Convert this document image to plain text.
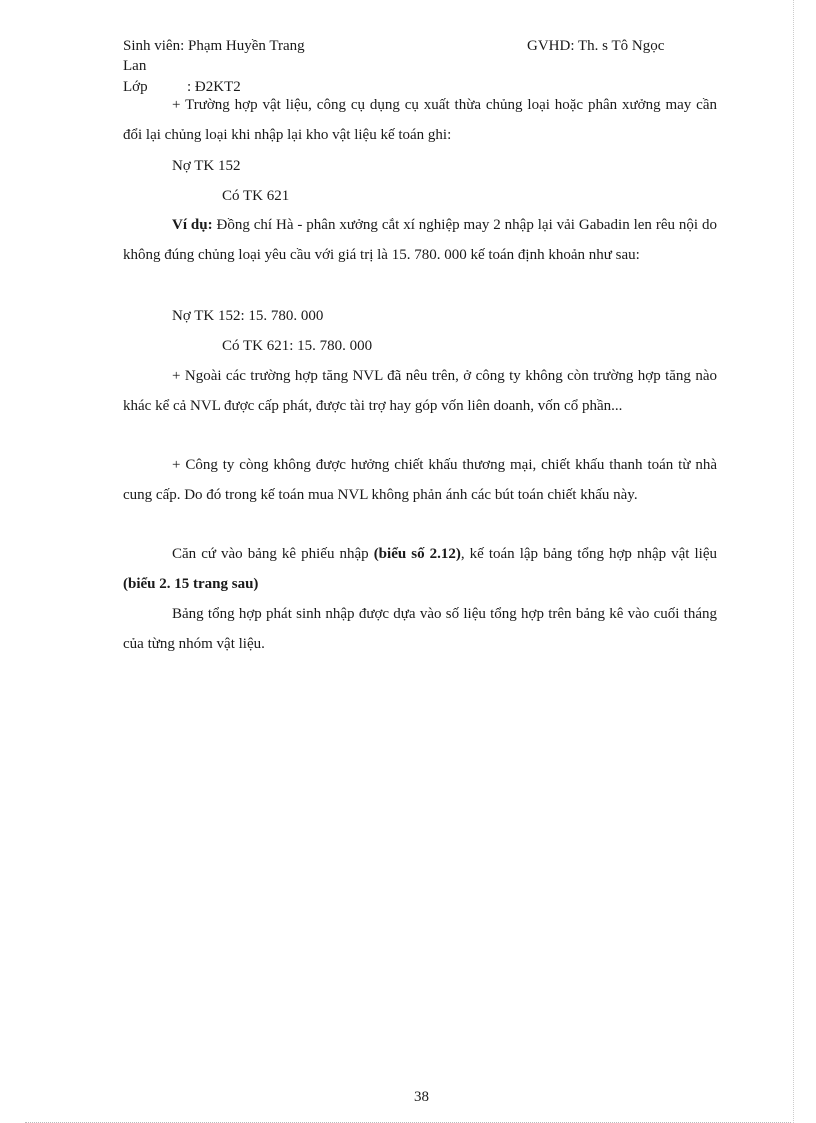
Sinh viên: Phạm Huyền Trang	GVHD: Th. s Tô Ngọc
Lan
Lớp	: Đ2KT2

+ Trường hợp vật liệu, công cụ dụng cụ xuất thừa chủng loại hoặc phân xưởng may cần đổi lại chủng loại khi nhập lại kho vật liệu kế toán ghi:

Nợ TK 152
Có TK 621

Ví dụ: Đồng chí Hà - phân xưởng cắt xí nghiệp may 2 nhập lại vải Gabadin len rêu nội do không đúng chủng loại yêu cầu với giá trị là 15. 780. 000 kế toán định khoản như sau:

Nợ TK 152: 15. 780. 000
Có TK 621: 15. 780. 000

+ Ngoài các trường hợp tăng NVL đã nêu trên, ở công ty không còn trường hợp tăng nào khác kể cả NVL được cấp phát, được tài trợ hay góp vốn liên doanh, vốn cổ phần...

+ Công ty còng không được hưởng chiết khấu thương mại, chiết khấu thanh toán từ nhà cung cấp. Do đó trong kế toán mua NVL không phản ánh các bút toán chiết khấu này.

Căn cứ vào bảng kê phiếu nhập (biểu số 2.12), kế toán lập bảng tổng hợp nhập vật liệu (biểu 2. 15 trang sau)

Bảng tổng hợp phát sinh nhập được dựa vào số liệu tổng hợp trên bảng kê vào cuối tháng của từng nhóm vật liệu.

38
